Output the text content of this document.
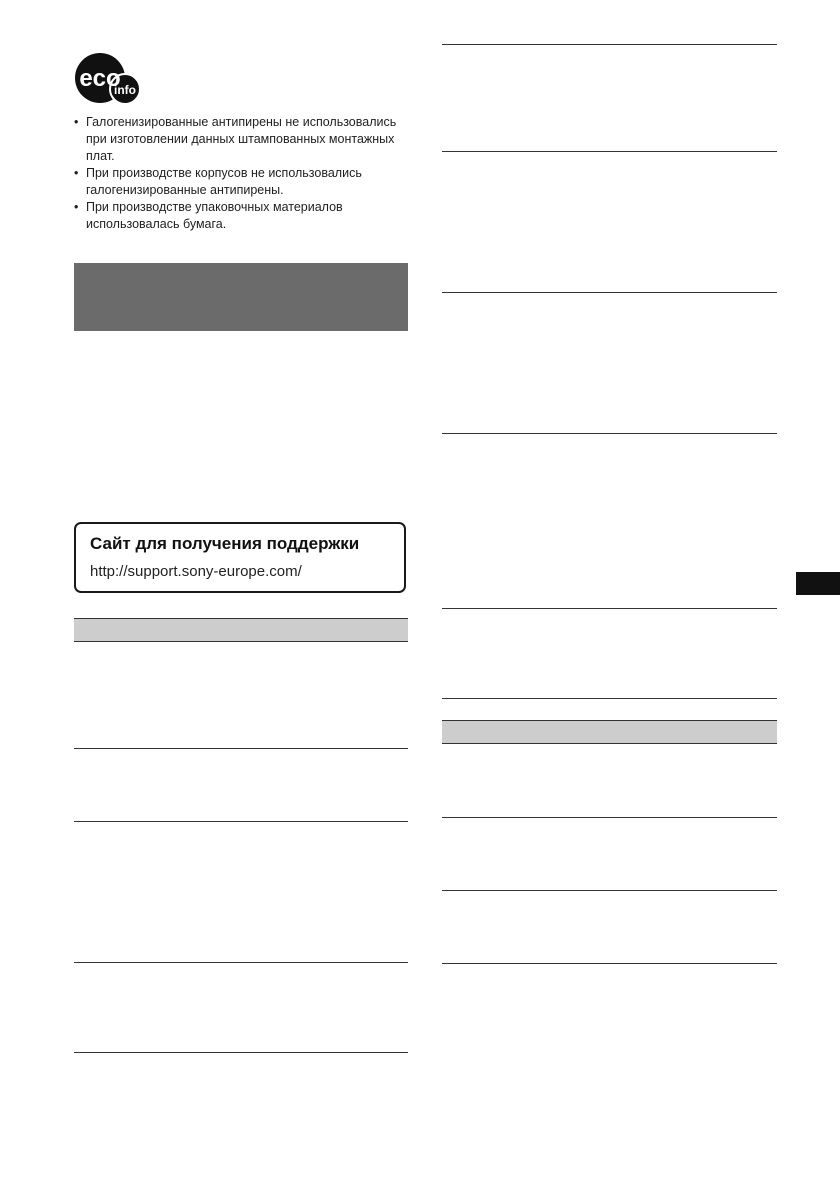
eco
info
• Галогенизированные антипирены не использовались при изготовлении данных штампованных монтажных плат.
• При производстве корпусов не использовались галогенизированные антипирены.
• При производстве упаковочных материалов использовалась бумага.
Сайт для получения поддержки
http://support.sony-europe.com/
